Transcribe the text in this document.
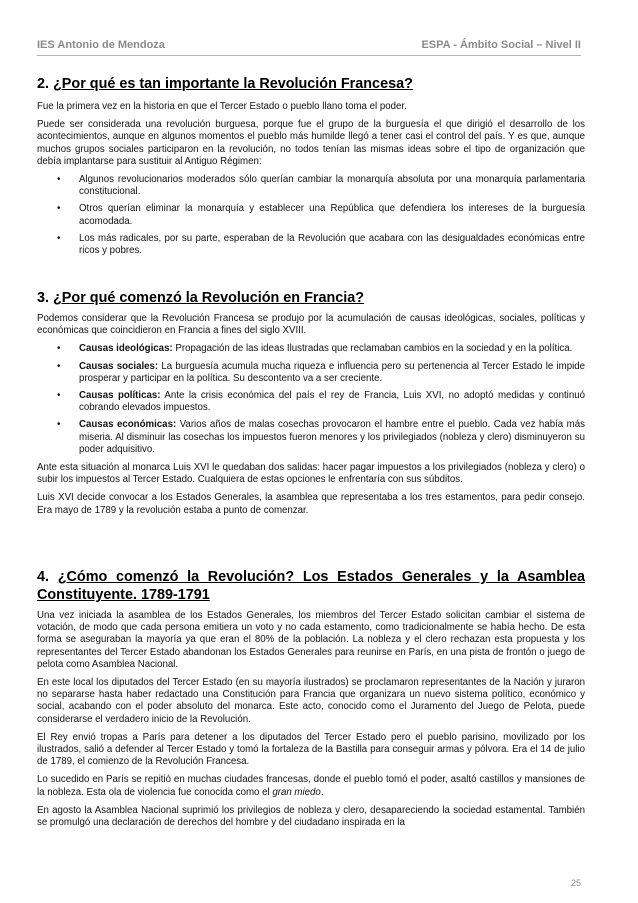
IES Antonio de Mendoza	ESPA - Ámbito Social – Nivel II
2. ¿Por qué es tan importante la Revolución Francesa?

Fue la primera vez en la historia en que el Tercer Estado o pueblo llano toma el poder.

Puede ser considerada una revolución burguesa, porque fue el grupo de la burguesía el que dirigió el desarrollo de los acontecimientos, aunque en algunos momentos el pueblo más humilde llegó a tener casi el control del país. Y es que, aunque muchos grupos sociales participaron en la revolución, no todos tenían las mismas ideas sobre el tipo de organización que debía implantarse para sustituir al Antiguo Régimen:

• Algunos revolucionarios moderados sólo querían cambiar la monarquía absoluta por una monarquía parlamentaria constitucional.
• Otros querían eliminar la monarquía y establecer una República que defendiera los intereses de la burguesía acomodada.
• Los más radicales, por su parte, esperaban de la Revolución que acabara con las desigualdades económicas entre ricos y pobres.
3. ¿Por qué comenzó la Revolución en Francia?

Podemos considerar que la Revolución Francesa se produjo por la acumulación de causas ideológicas, sociales, políticas y económicas que coincidieron en Francia a fines del siglo XVIII.

• Causas ideológicas: Propagación de las ideas Ilustradas que reclamaban cambios en la sociedad y en la política.
• Causas sociales: La burguesía acumula mucha riqueza e influencia pero su pertenencia al Tercer Estado le impide prosperar y participar en la política. Su descontento va a ser creciente.
• Causas políticas: Ante la crisis económica del país el rey de Francia, Luis XVI, no adoptó medidas y continuó cobrando elevados impuestos.
• Causas económicas: Varios años de malas cosechas provocaron el hambre entre el pueblo. Cada vez había más miseria. Al disminuir las cosechas los impuestos fueron menores y los privilegiados (nobleza y clero) disminuyeron su poder adquisitivo.

Ante esta situación al monarca Luis XVI le quedaban dos salidas: hacer pagar impuestos a los privilegiados (nobleza y clero) o subir los impuestos al Tercer Estado. Cualquiera de estas opciones le enfrentaría con sus súbditos.

Luis XVI decide convocar a los Estados Generales, la asamblea que representaba a los tres estamentos, para pedir consejo. Era mayo de 1789 y la revolución estaba a punto de comenzar.

4. ¿Cómo comenzó la Revolución? Los Estados Generales y la Asamblea Constituyente. 1789-1791

Una vez iniciada la asamblea de los Estados Generales, los miembros del Tercer Estado solicitan cambiar el sistema de votación, de modo que cada persona emitiera un voto y no cada estamento, como tradicionalmente se había hecho. De esta forma se aseguraban la mayoría ya que eran el 80% de la población. La nobleza y el clero rechazan esta propuesta y los representantes del Tercer Estado abandonan los Estados Generales para reunirse en París, en una pista de frontón o juego de pelota como Asamblea Nacional.

En este local los diputados del Tercer Estado (en su mayoría ilustrados) se proclamaron representantes de la Nación y juraron no separarse hasta haber redactado una Constitución para Francia que organizara un nuevo sistema político, económico y social, acabando con el poder absoluto del monarca. Este acto, conocido como el Juramento del Juego de Pelota, puede considerarse el verdadero inicio de la Revolución.

El Rey envió tropas a París para detener a los diputados del Tercer Estado pero el pueblo parisino, movilizado por los ilustrados, salió a defender al Tercer Estado y tomó la fortaleza de la Bastilla para conseguir armas y pólvora. Era el 14 de julio de 1789, el comienzo de la Revolución Francesa.

Lo sucedido en París se repitió en muchas ciudades francesas, donde el pueblo tomó el poder, asaltó castillos y mansiones de la nobleza. Esta ola de violencia fue conocida como el gran miedo.

En agosto la Asamblea Nacional suprimió los privilegios de nobleza y clero, desapareciendo la sociedad estamental. También se promulgó una declaración de derechos del hombre y del ciudadano inspirada en la

25
